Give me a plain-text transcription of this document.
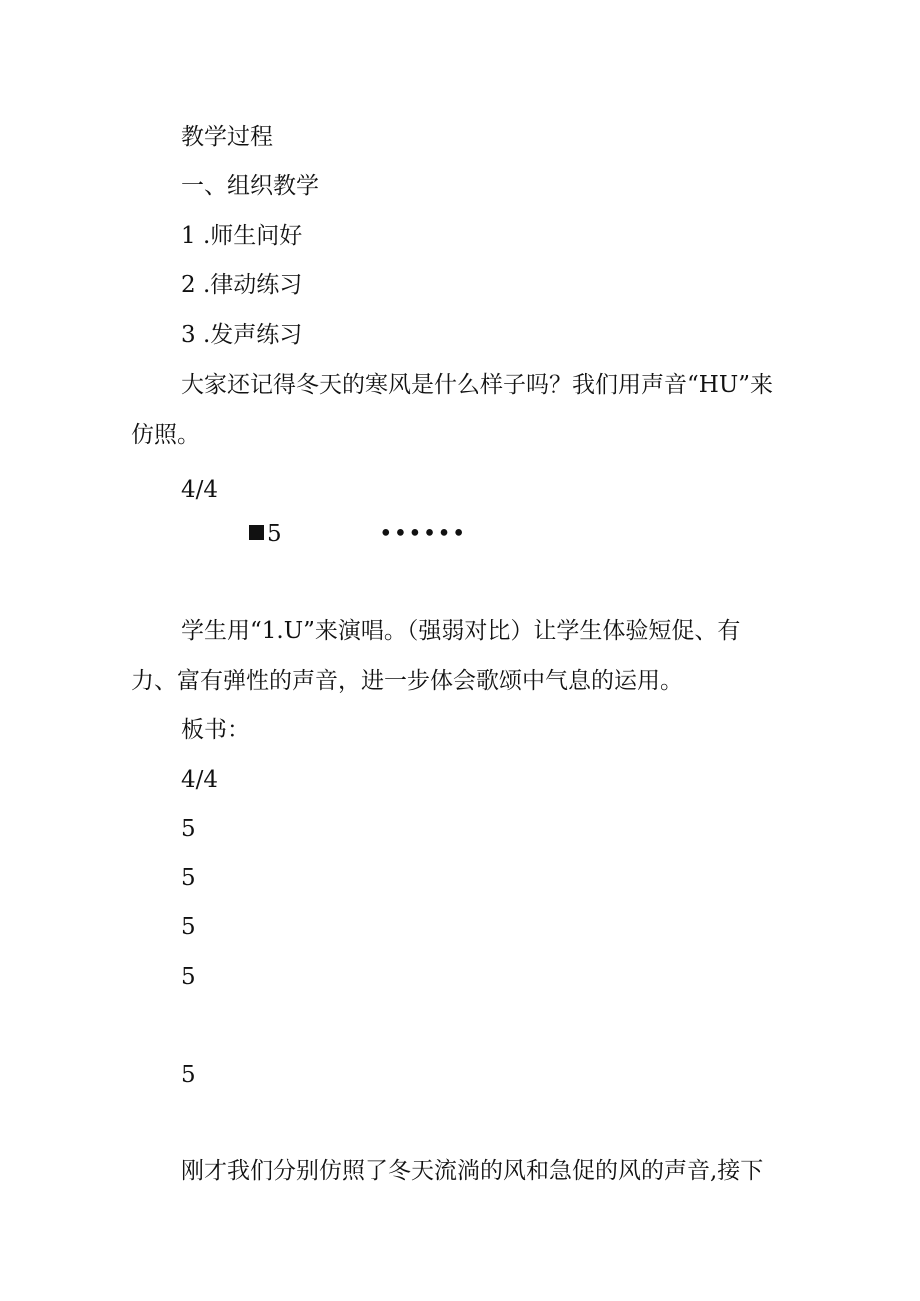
教学过程
一、组织教学
1 .师生问好
2 .律动练习
3 .发声练习
大家还记得冬天的寒风是什么样子吗？我们用声音“HU”来
仿照。
4/4
5	••••••
学生用“1.U”来演唱。（强弱对比）让学生体验短促、有
力、富有弹性的声音，进一步体会歌颂中气息的运用。
板书：
4/4
5
5
5
5
5
刚才我们分别仿照了冬天流淌的风和急促的风的声音,接下
